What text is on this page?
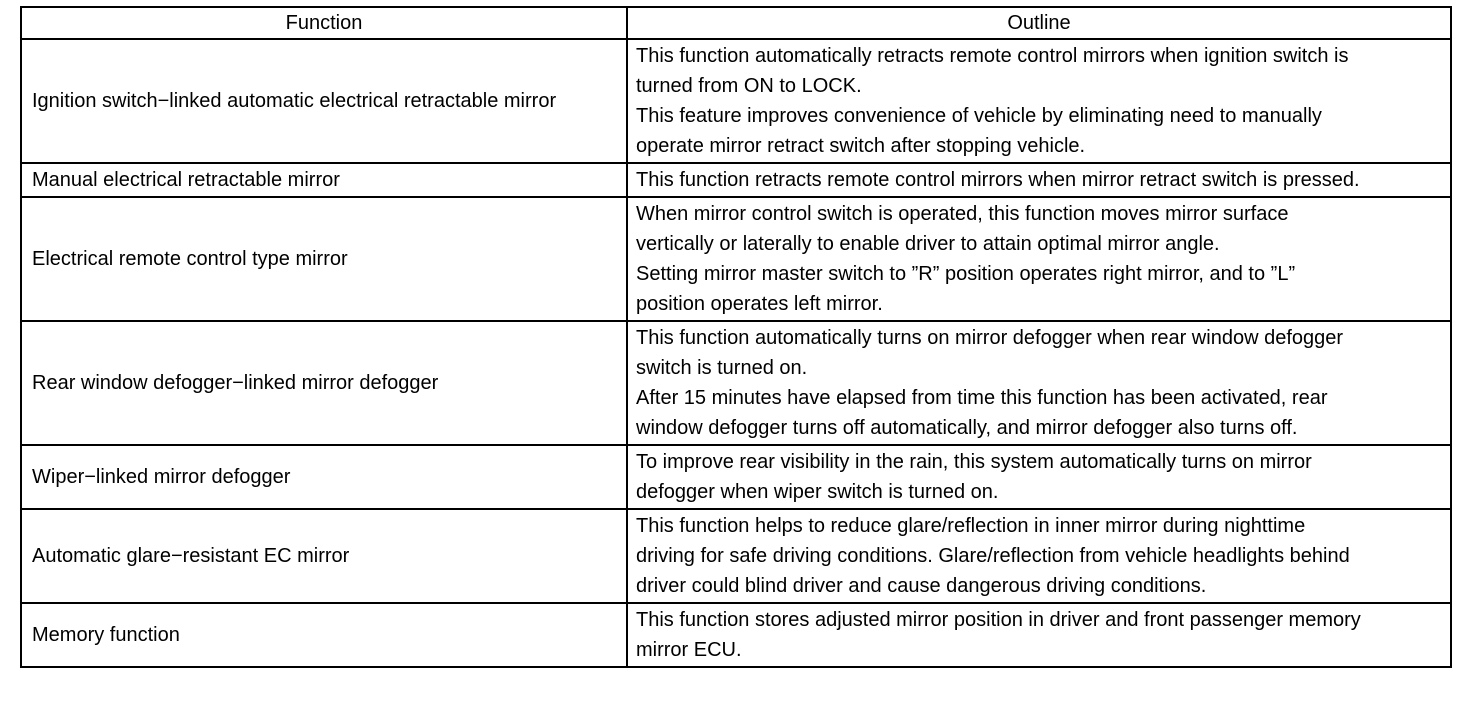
Function	Outline
Ignition switch−linked automatic electrical retractable mirror	This function automatically retracts remote control mirrors when ignition switch is
turned from ON to LOCK.
This feature improves convenience of vehicle by eliminating need to manually
operate mirror retract switch after stopping vehicle.

Manual electrical retractable mirror	This function retracts remote control mirrors when mirror retract switch is pressed.

Electrical remote control type mirror	When mirror control switch is operated, this function moves mirror surface
vertically or laterally to enable driver to attain optimal mirror angle.
Setting mirror master switch to ”R” position operates right mirror, and to ”L”
position operates left mirror.

Rear window defogger−linked mirror defogger	This function automatically turns on mirror defogger when rear window defogger
switch is turned on.
After 15 minutes have elapsed from time this function has been activated, rear
window defogger turns off automatically, and mirror defogger also turns off.

Wiper−linked mirror defogger	To improve rear visibility in the rain, this system automatically turns on mirror
defogger when wiper switch is turned on.

Automatic glare−resistant EC mirror	This function helps to reduce glare/reflection in inner mirror during nighttime
driving for safe driving conditions. Glare/reflection from vehicle headlights behind
driver could blind driver and cause dangerous driving conditions.

Memory function	This function stores adjusted mirror position in driver and front passenger memory
mirror ECU.
